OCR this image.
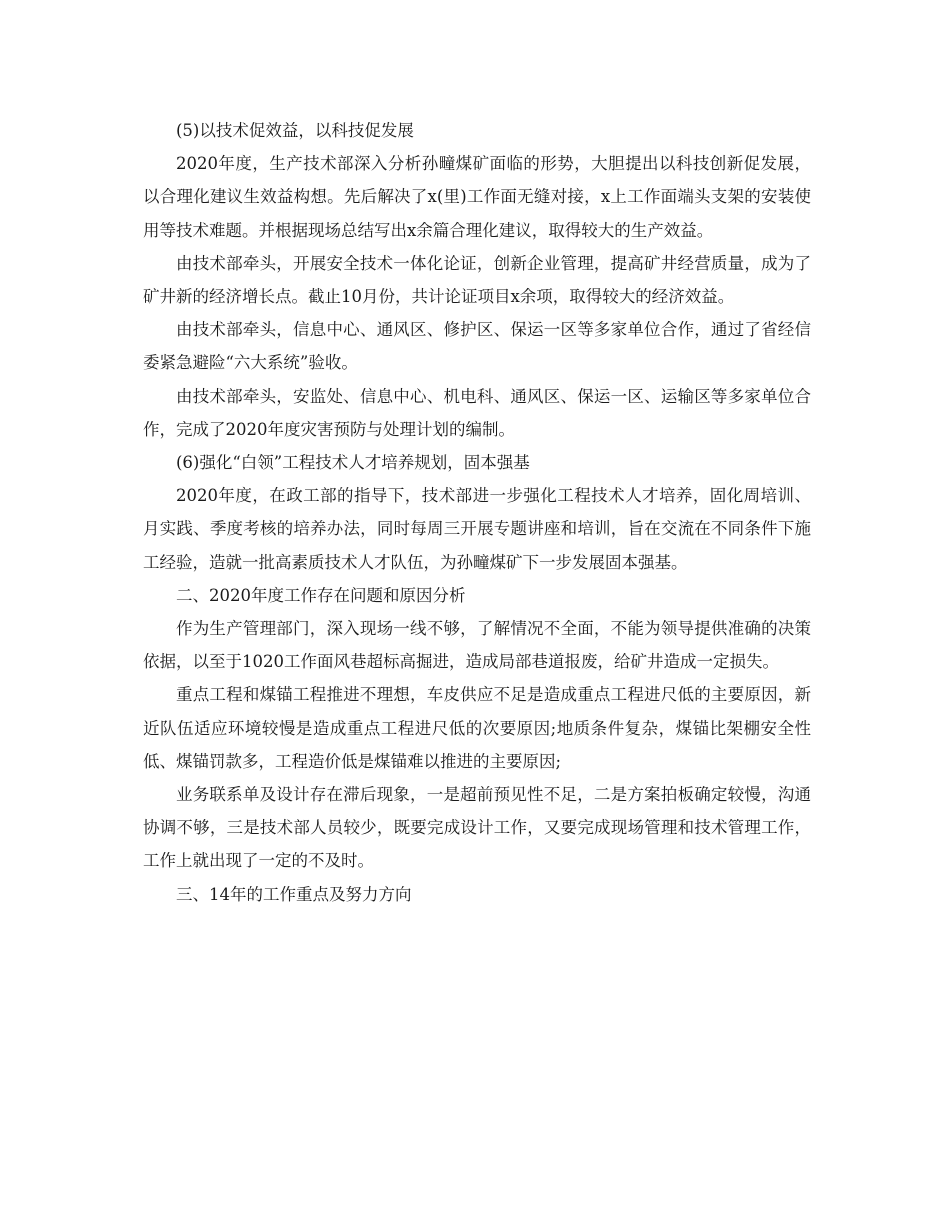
(5)以技术促效益，以科技促发展

2020年度，生产技术部深入分析孙疃煤矿面临的形势，大胆提出以科技创新促发展，以合理化建议生效益构想。先后解决了x(里)工作面无缝对接，x上工作面端头支架的安装使用等技术难题。并根据现场总结写出x余篇合理化建议，取得较大的生产效益。

由技术部牵头，开展安全技术一体化论证，创新企业管理，提高矿井经营质量，成为了矿井新的经济增长点。截止10月份，共计论证项目x余项，取得较大的经济效益。

由技术部牵头，信息中心、通风区、修护区、保运一区等多家单位合作，通过了省经信委紧急避险“六大系统”验收。

由技术部牵头，安监处、信息中心、机电科、通风区、保运一区、运输区等多家单位合作，完成了2020年度灾害预防与处理计划的编制。

(6)强化“白领”工程技术人才培养规划，固本强基

2020年度，在政工部的指导下，技术部进一步强化工程技术人才培养，固化周培训、月实践、季度考核的培养办法，同时每周三开展专题讲座和培训，旨在交流在不同条件下施工经验，造就一批高素质技术人才队伍，为孙疃煤矿下一步发展固本强基。

二、2020年度工作存在问题和原因分析

作为生产管理部门，深入现场一线不够，了解情况不全面，不能为领导提供准确的决策依据，以至于1020工作面风巷超标高掘进，造成局部巷道报废，给矿井造成一定损失。

重点工程和煤锚工程推进不理想，车皮供应不足是造成重点工程进尺低的主要原因，新近队伍适应环境较慢是造成重点工程进尺低的次要原因;地质条件复杂，煤锚比架棚安全性低、煤锚罚款多，工程造价低是煤锚难以推进的主要原因;

业务联系单及设计存在滞后现象，一是超前预见性不足，二是方案拍板确定较慢，沟通协调不够，三是技术部人员较少，既要完成设计工作，又要完成现场管理和技术管理工作，工作上就出现了一定的不及时。

三、14年的工作重点及努力方向
